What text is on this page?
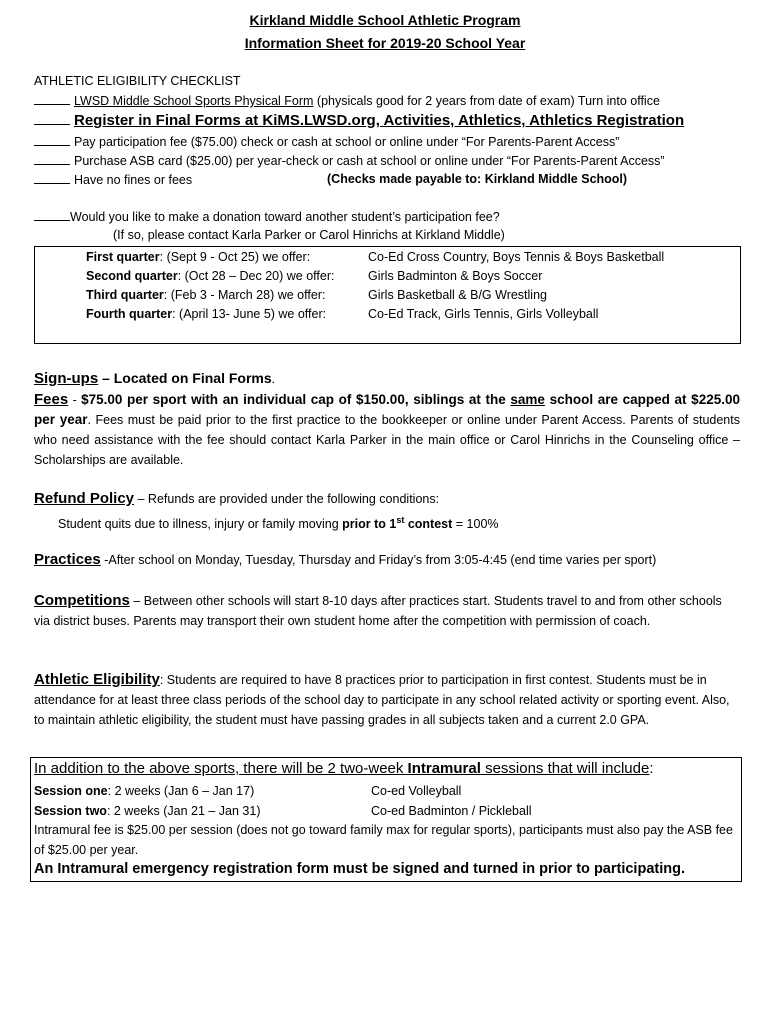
Kirkland Middle School Athletic Program
Information Sheet for 2019-20 School Year
ATHLETIC ELIGIBILITY CHECKLIST
LWSD Middle School Sports Physical Form (physicals good for 2 years from date of exam) Turn into office
Register in Final Forms at KiMS.LWSD.org, Activities, Athletics, Athletics Registration
Pay participation fee ($75.00) check or cash at school or online under “For Parents-Parent Access”
Purchase ASB card ($25.00) per year-check or cash at school or online under “For Parents-Parent Access”
Have no fines or fees	(Checks made payable to: Kirkland Middle School)
Would you like to make a donation toward another student’s participation fee?
(If so, please contact Karla Parker or Carol Hinrichs at Kirkland Middle)
First quarter: (Sept 9 - Oct 25) we offer:	Co-Ed Cross Country, Boys Tennis & Boys Basketball
Second quarter: (Oct 28 – Dec 20) we offer:	Girls Badminton & Boys Soccer
Third quarter: (Feb 3 - March 28) we offer:	Girls Basketball & B/G Wrestling
Fourth quarter: (April 13- June 5) we offer:	Co-Ed Track, Girls Tennis, Girls Volleyball
Sign-ups – Located on Final Forms.
Fees - $75.00 per sport with an individual cap of $150.00, siblings at the same school are capped at $225.00 per year. Fees must be paid prior to the first practice to the bookkeeper or online under Parent Access. Parents of students who need assistance with the fee should contact Karla Parker in the main office or Carol Hinrichs in the Counseling office – Scholarships are available.
Refund Policy – Refunds are provided under the following conditions:
Student quits due to illness, injury or family moving prior to 1st contest = 100%
Practices -After school on Monday, Tuesday, Thursday and Friday’s from 3:05-4:45 (end time varies per sport)
Competitions – Between other schools will start 8-10 days after practices start. Students travel to and from other schools via district buses. Parents may transport their own student home after the competition with permission of coach.
Athletic Eligibility: Students are required to have 8 practices prior to participation in first contest. Students must be in attendance for at least three class periods of the school day to participate in any school related activity or sporting event. Also, to maintain athletic eligibility, the student must have passing grades in all subjects taken and a current 2.0 GPA.
In addition to the above sports, there will be 2 two-week Intramural sessions that will include:
Session one: 2 weeks (Jan 6 – Jan 17)	Co-ed Volleyball
Session two: 2 weeks (Jan 21 – Jan 31)	Co-ed Badminton / Pickleball
Intramural fee is $25.00 per session (does not go toward family max for regular sports), participants must also pay the ASB fee of $25.00 per year.
An Intramural emergency registration form must be signed and turned in prior to participating.
